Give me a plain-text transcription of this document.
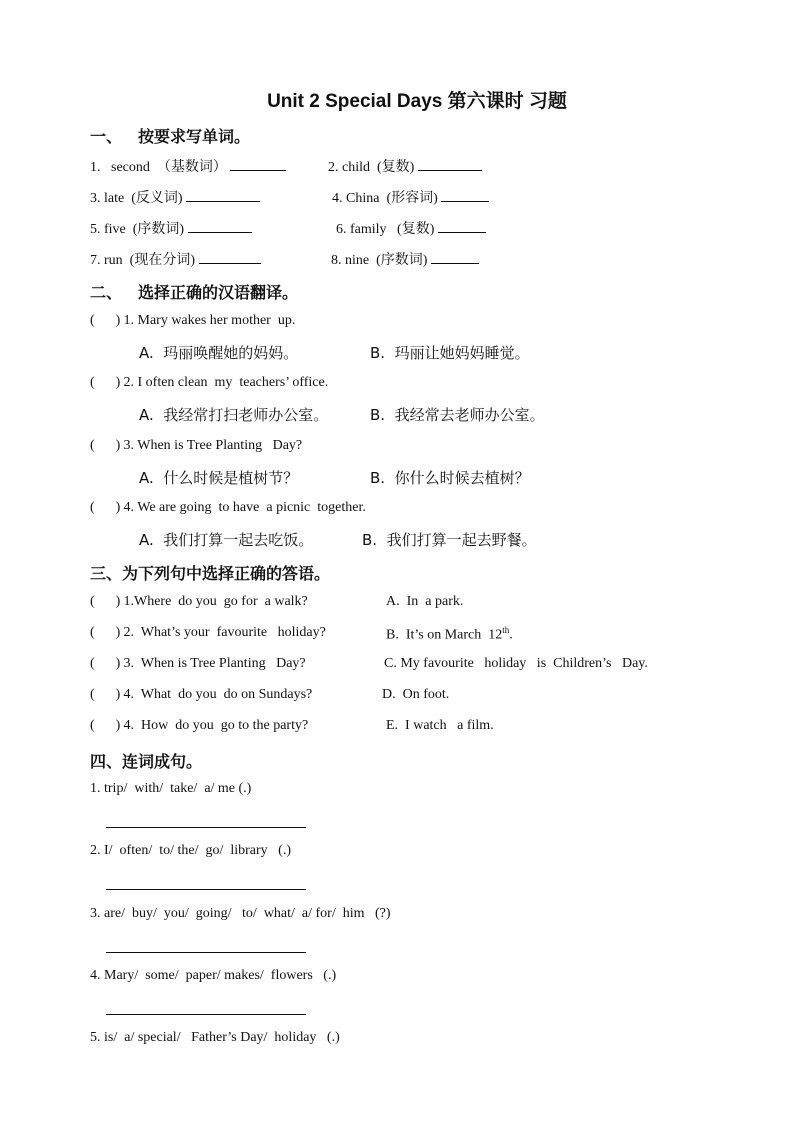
Unit 2 Special Days 第六课时 习题
一、 按要求写单词。
1.   second  （基数词）	2. child  (复数)
3. late  (反义词)	4. China  (形容词)
5. five  (序数词)	6. family   (复数)
7. run  (现在分词)	8. nine  (序数词)
二、 选择正确的汉语翻译。
(      ) 1. Mary wakes her mother  up.
A.  玛丽唤醒她的妈妈。	B.  玛丽让她妈妈睡觉。
(      ) 2. I often clean  my  teachers’ office.
A.  我经常打扫老师办公室。	B.  我经常去老师办公室。
(      ) 3. When is Tree Planting   Day?
A.  什么时候是植树节？	B.  你什么时候去植树？
(      ) 4. We are going  to have  a picnic  together.
A.  我们打算一起去吃饭。	B.  我们打算一起去野餐。
三、为下列句中选择正确的答语。
(      ) 1.Where  do you  go for  a walk?	A.  In  a park.
(      ) 2.  What’s your  favourite   holiday?	B.  It’s on March  12th.
(      ) 3.  When is Tree Planting   Day?	C. My favourite   holiday   is  Children’s   Day.
(      ) 4.  What  do you  do on Sundays?	D.  On foot.
(      ) 4.  How  do you  go to the party?	E.  I watch   a film.
四、连词成句。
1. trip/  with/  take/  a/ me (.)
2. I/  often/  to/ the/  go/  library   (.)
3. are/  buy/  you/  going/   to/  what/  a/ for/  him   (?)
4. Mary/  some/  paper/ makes/  flowers   (.)
5. is/  a/ special/   Father’s Day/  holiday   (.)
